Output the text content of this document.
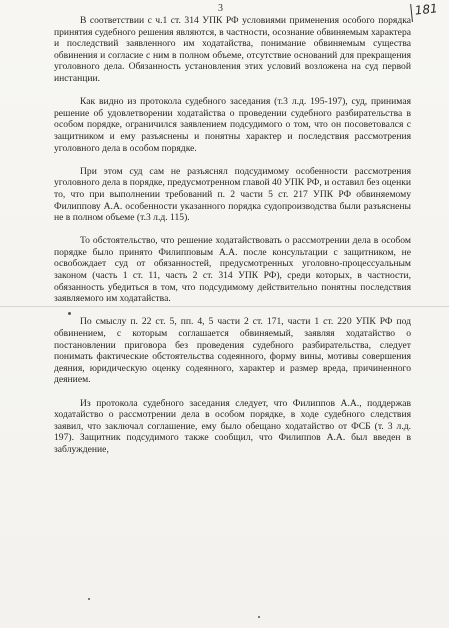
3	181

В соответствии с ч.1 ст. 314 УПК РФ условиями применения особого порядка принятия судебного решения являются, в частности, осознание обвиняемым характера и последствий заявленного им ходатайства, понимание обвиняемым существа обвинения и согласие с ним в полном объеме, отсутствие оснований для прекращения уголовного дела. Обязанность установления этих условий возложена на суд первой инстанции.

Как видно из протокола судебного заседания (т.3 л.д. 195-197), суд, принимая решение об удовлетворении ходатайства о проведении судебного разбирательства в особом порядке, ограничился заявлением подсудимого о том, что он посоветовался с защитником и ему разъяснены и понятны характер и последствия рассмотрения уголовного дела в особом порядке.

При этом суд сам не разъяснял подсудимому особенности рассмотрения уголовного дела в порядке, предусмотренном главой 40 УПК РФ, и оставил без оценки то, что при выполнении требований п. 2 части 5 ст. 217 УПК РФ обвиняемому Филиппову А.А. особенности указанного порядка судопроизводства были разъяснены не в полном объеме (т.3 л.д. 115).

То обстоятельство, что решение ходатайствовать о рассмотрении дела в особом порядке было принято Филипповым А.А. после консультации с защитником, не освобождает суд от обязанностей, предусмотренных уголовно-процессуальным законом (часть 1 ст. 11, часть 2 ст. 314 УПК РФ), среди которых, в частности, обязанность убедиться в том, что подсудимому действительно понятны последствия заявляемого им ходатайства.

По смыслу п. 22 ст. 5, пп. 4, 5 части 2 ст. 171, части 1 ст. 220 УПК РФ под обвинением, с которым соглашается обвиняемый, заявляя ходатайство о постановлении приговора без проведения судебного разбирательства, следует понимать фактические обстоятельства содеянного, форму вины, мотивы совершения деяния, юридическую оценку содеянного, характер и размер вреда, причиненного деянием.

Из протокола судебного заседания следует, что Филиппов А.А., поддержав ходатайство о рассмотрении дела в особом порядке, в ходе судебного следствия заявил, что заключал соглашение, ему было обещано ходатайство от ФСБ (т. 3 л.д. 197). Защитник подсудимого также сообщил, что Филиппов А.А. был введен в заблуждение,
